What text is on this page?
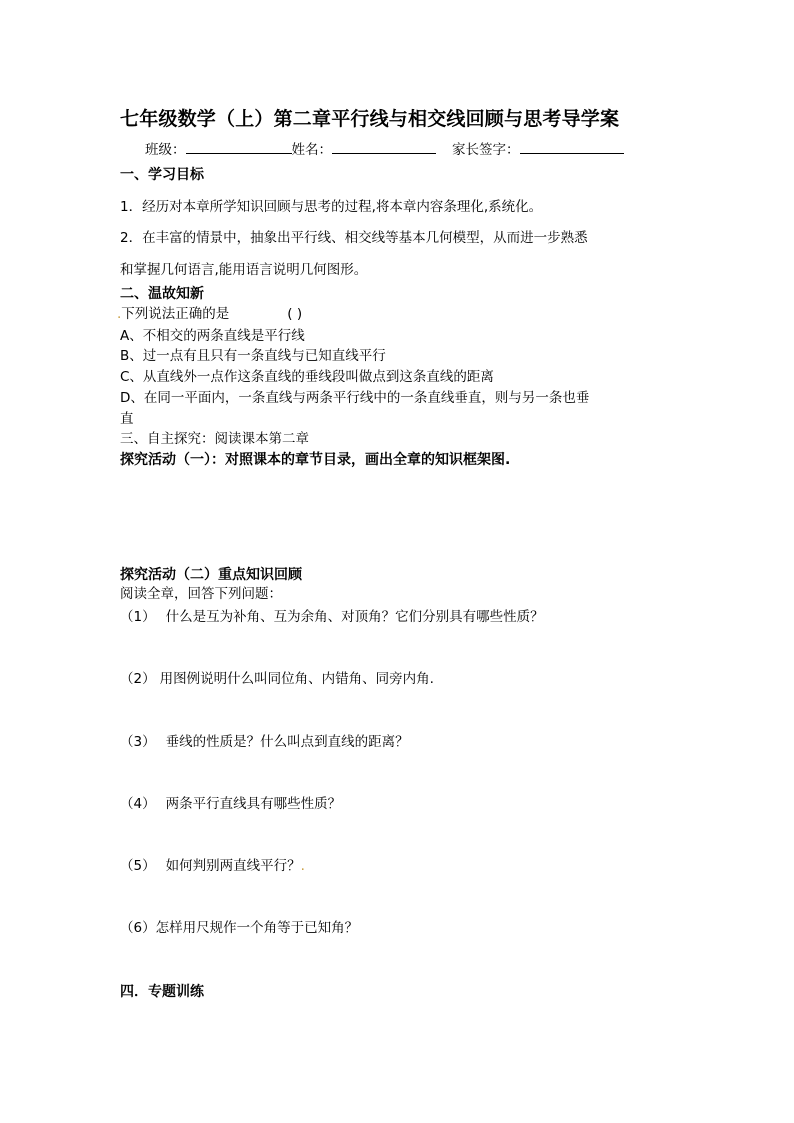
七年级数学（上）第二章平行线与相交线回顾与思考导学案
班级：	姓名：	家长签字：
一、学习目标
1．经历对本章所学知识回顾与思考的过程,将本章内容条理化,系统化。
2．在丰富的情景中，抽象出平行线、相交线等基本几何模型，从而进一步熟悉
和掌握几何语言,能用语言说明几何图形。
二、温故知新
.下列说法正确的是	( )
A、不相交的两条直线是平行线
B、过一点有且只有一条直线与已知直线平行
C、从直线外一点作这条直线的垂线段叫做点到这条直线的距离
D、在同一平面内，一条直线与两条平行线中的一条直线垂直，则与另一条也垂
直
三、自主探究：阅读课本第二章
探究活动（一）：对照课本的章节目录，画出全章的知识框架图.
探究活动（二）重点知识回顾
阅读全章，回答下列问题：
（1） 什么是互为补角、互为余角、对顶角？它们分别具有哪些性质？
（2） 用图例说明什么叫同位角、内错角、同旁内角.
（3） 垂线的性质是？什么叫点到直线的距离？
（4） 两条平行直线具有哪些性质？
（5） 如何判别两直线平行？.
（6）怎样用尺规作一个角等于已知角？
四．专题训练
